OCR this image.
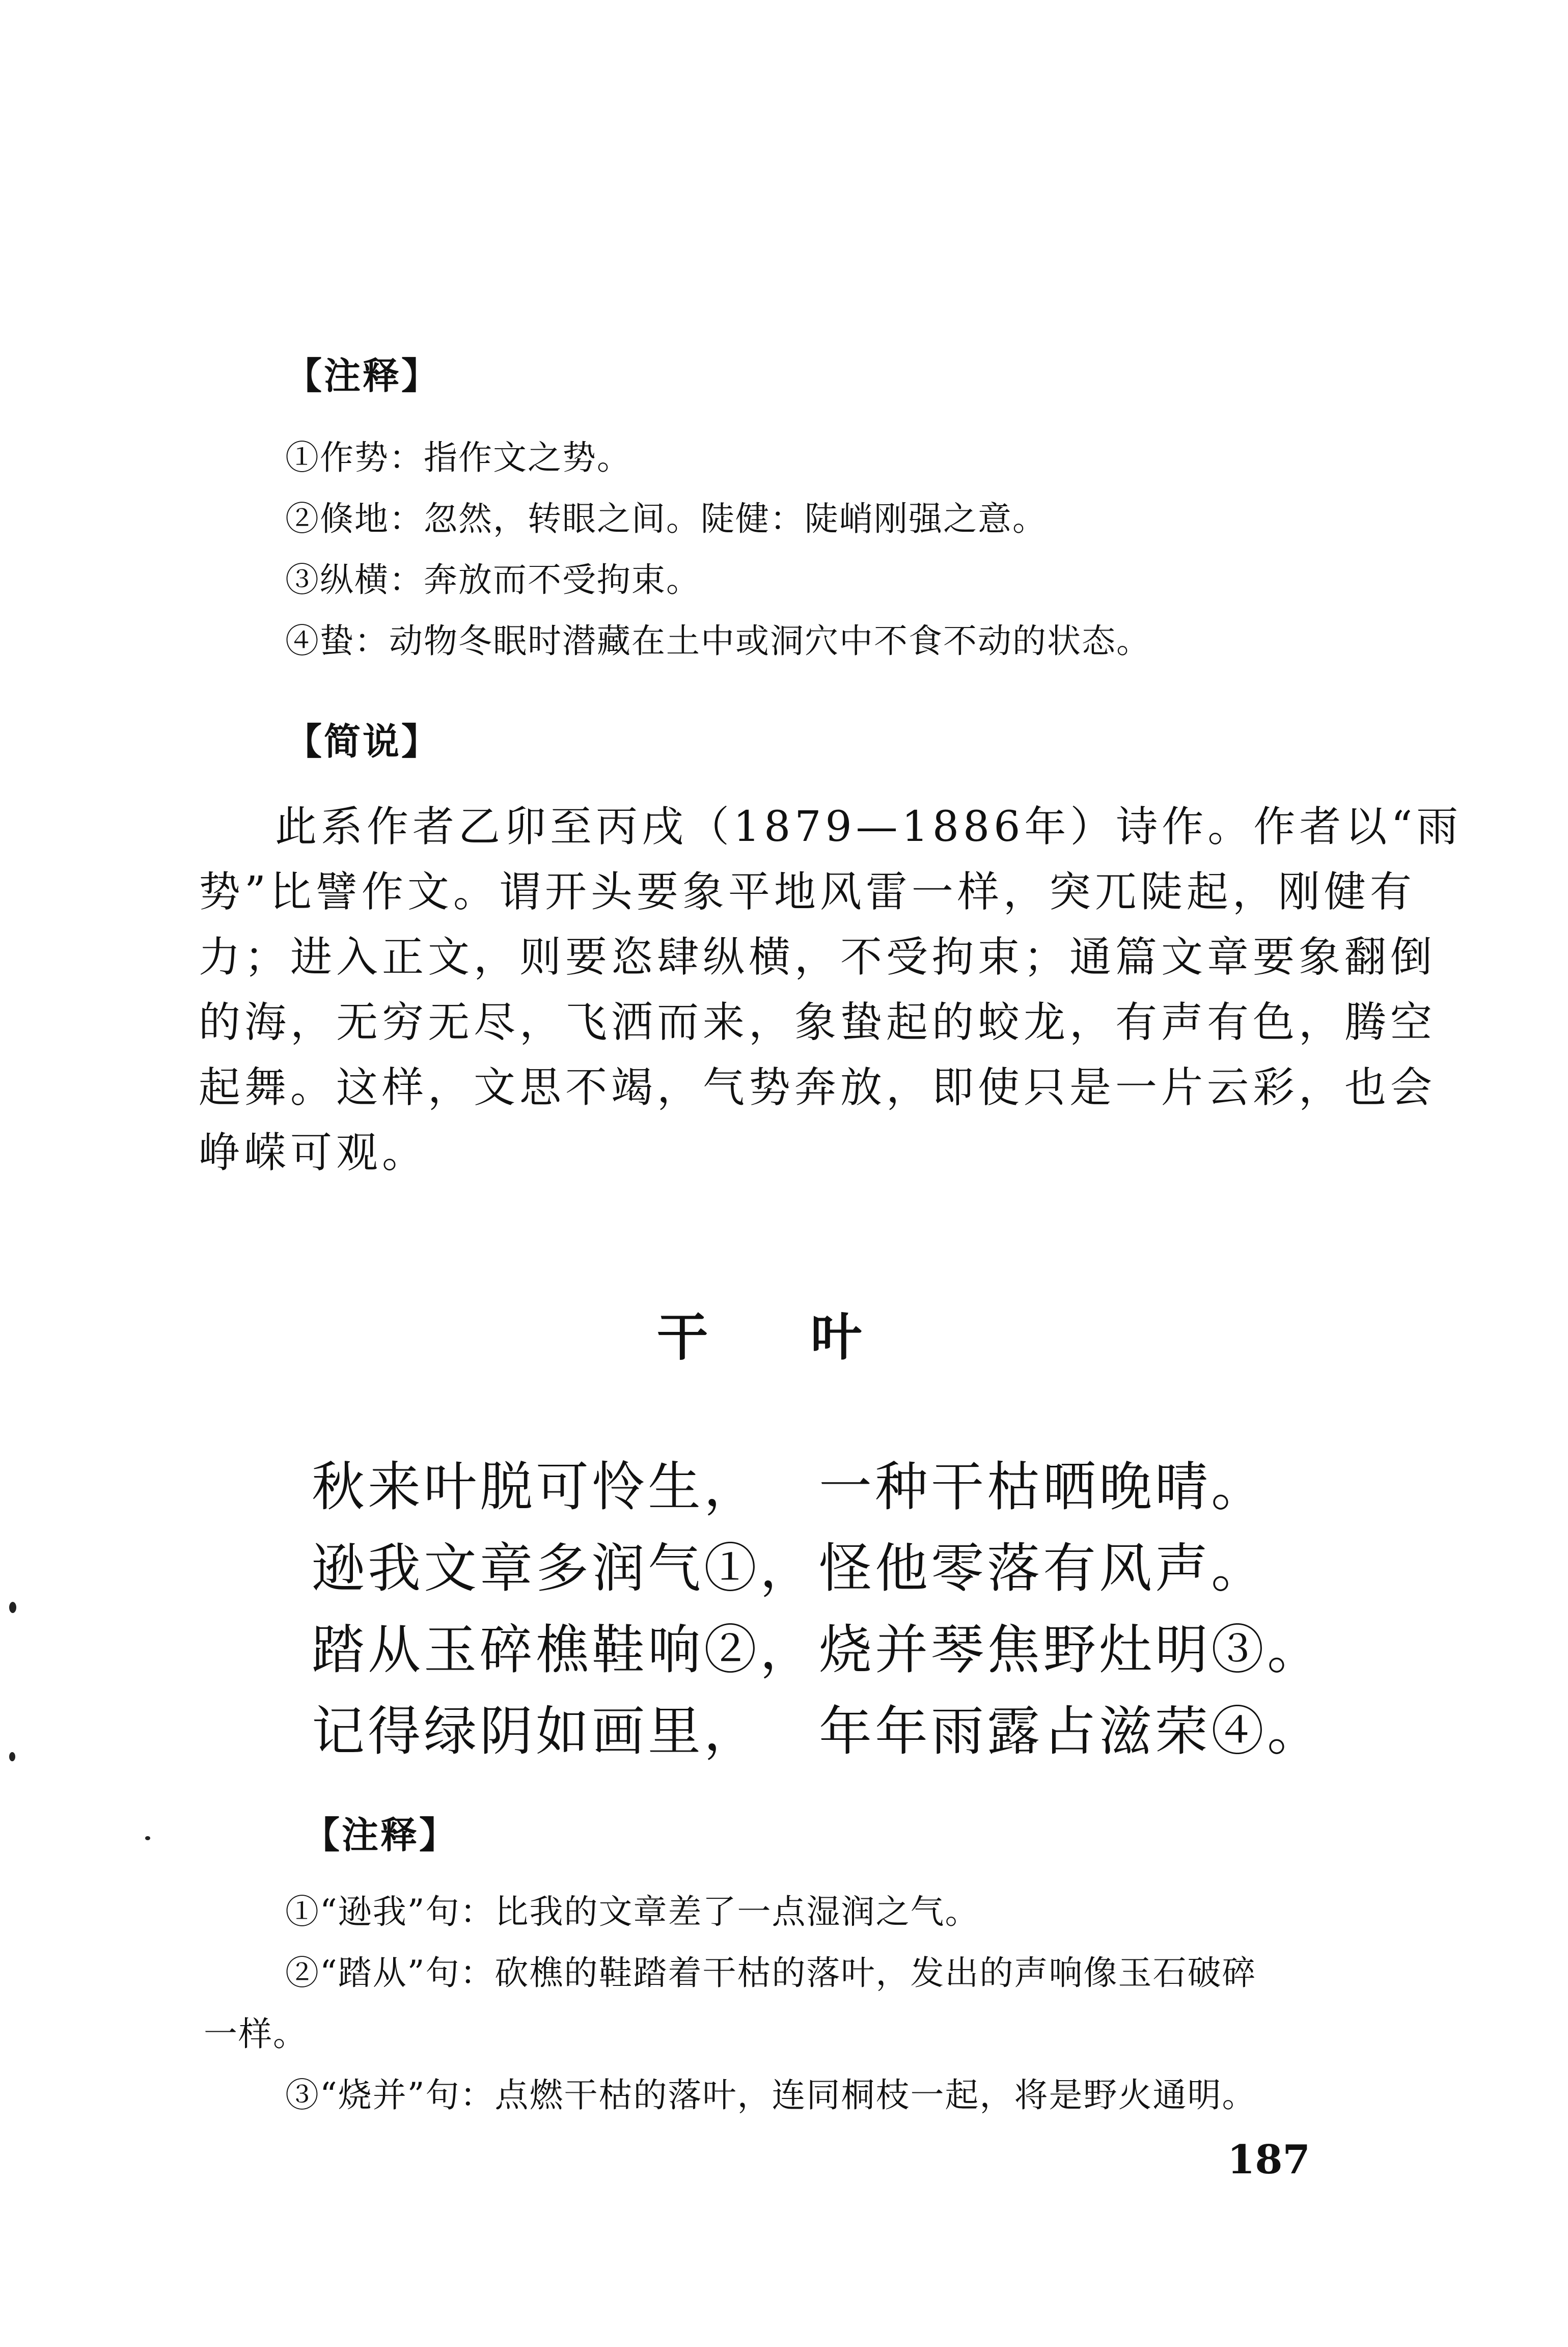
【注释】
①作势：指作文之势。
②倏地：忽然，转眼之间。陡健：陡峭刚强之意。
③纵横：奔放而不受拘束。
④蛰：动物冬眠时潜藏在土中或洞穴中不食不动的状态。
【简说】
此系作者乙卯至丙戌（1879—1886年）诗作。作者以“雨
势”比譬作文。谓开头要象平地风雷一样，突兀陡起，刚健有
力；进入正文，则要恣肆纵横，不受拘束；通篇文章要象翻倒
的海，无穷无尽，飞洒而来，象蛰起的蛟龙，有声有色，腾空
起舞。这样，文思不竭，气势奔放，即使只是一片云彩，也会
峥嵘可观。
干 叶
秋来叶脱可怜生， 一种干枯晒晚晴。
逊我文章多润气①， 怪他零落有风声。
踏从玉碎樵鞋响②， 烧并琴焦野灶明③。
记得绿阴如画里， 年年雨露占滋荣④。
【注释】
①“逊我”句：比我的文章差了一点湿润之气。
②“踏从”句：砍樵的鞋踏着干枯的落叶，发出的声响像玉石破碎
一样。
③“烧并”句：点燃干枯的落叶，连同桐枝一起，将是野火通明。
187
